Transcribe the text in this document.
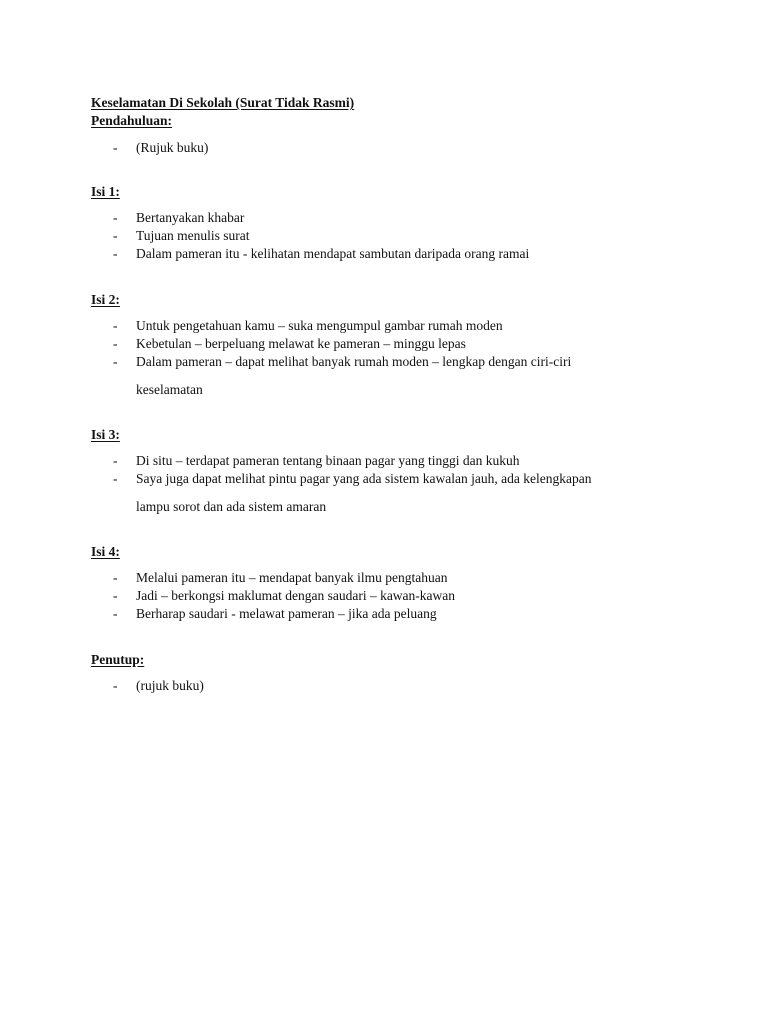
Keselamatan Di Sekolah (Surat Tidak Rasmi)
Pendahuluan:
- (Rujuk buku)
Isi 1:
- Bertanyakan khabar
- Tujuan menulis surat
- Dalam pameran itu - kelihatan mendapat sambutan daripada orang ramai
Isi 2:
- Untuk pengetahuan kamu – suka mengumpul gambar rumah moden
- Kebetulan – berpeluang melawat ke pameran – minggu lepas
- Dalam pameran – dapat melihat banyak rumah moden – lengkap dengan ciri-ciri
keselamatan
Isi 3:
- Di situ – terdapat pameran tentang binaan pagar yang tinggi dan kukuh
- Saya juga dapat melihat pintu pagar yang ada sistem kawalan jauh, ada kelengkapan
lampu sorot dan ada sistem amaran
Isi 4:
- Melalui pameran itu – mendapat banyak ilmu pengtahuan
- Jadi – berkongsi maklumat dengan saudari – kawan-kawan
- Berharap saudari - melawat pameran – jika ada peluang
Penutup:
- (rujuk buku)
